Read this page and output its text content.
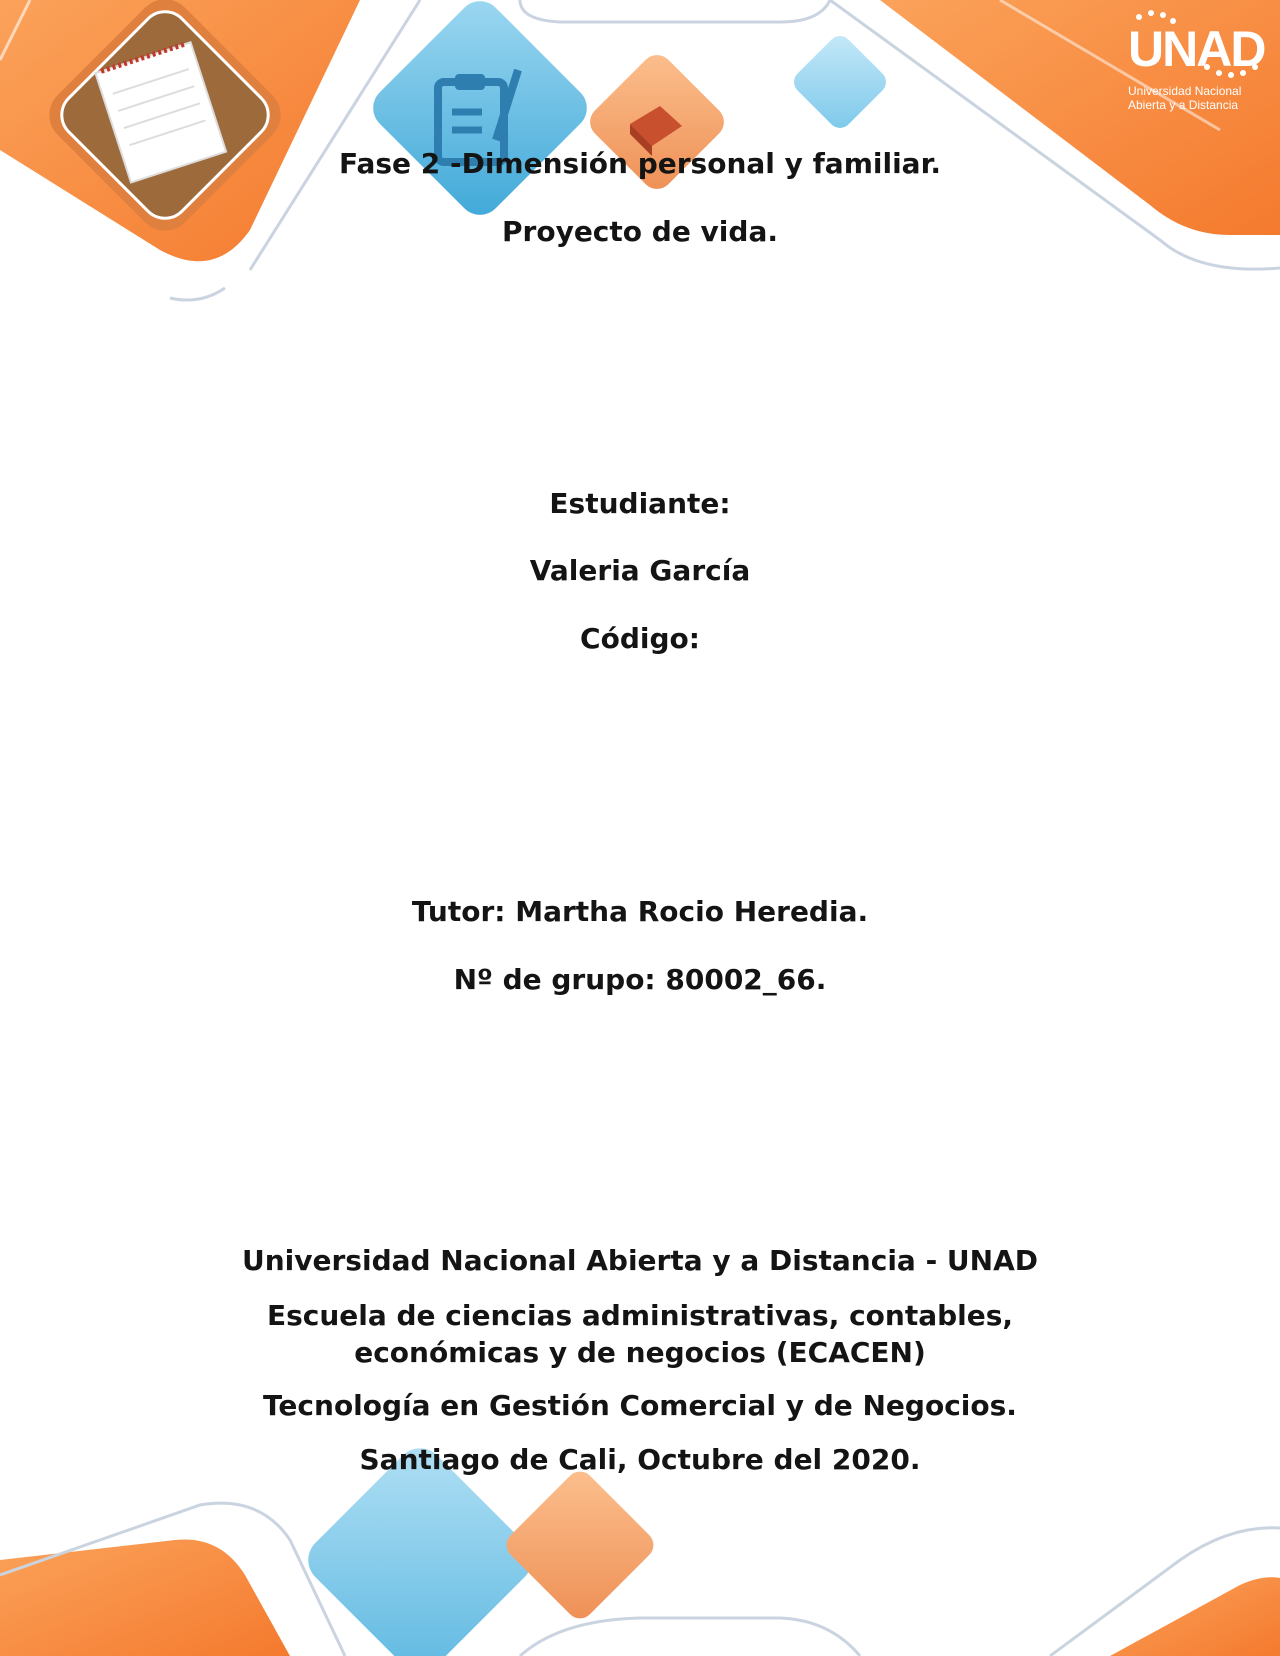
UNAD
Universidad Nacional
Abierta y a Distancia

Fase 2 -Dimensión personal y familiar.

Proyecto de vida.

Estudiante:

Valeria García

Código:

Tutor: Martha Rocio Heredia.

Nº de grupo: 80002_66.

Universidad Nacional Abierta y a Distancia - UNAD

Escuela de ciencias administrativas, contables,

económicas y de negocios (ECACEN)

Tecnología en Gestión Comercial y de Negocios.

Santiago de Cali, Octubre del 2020.
